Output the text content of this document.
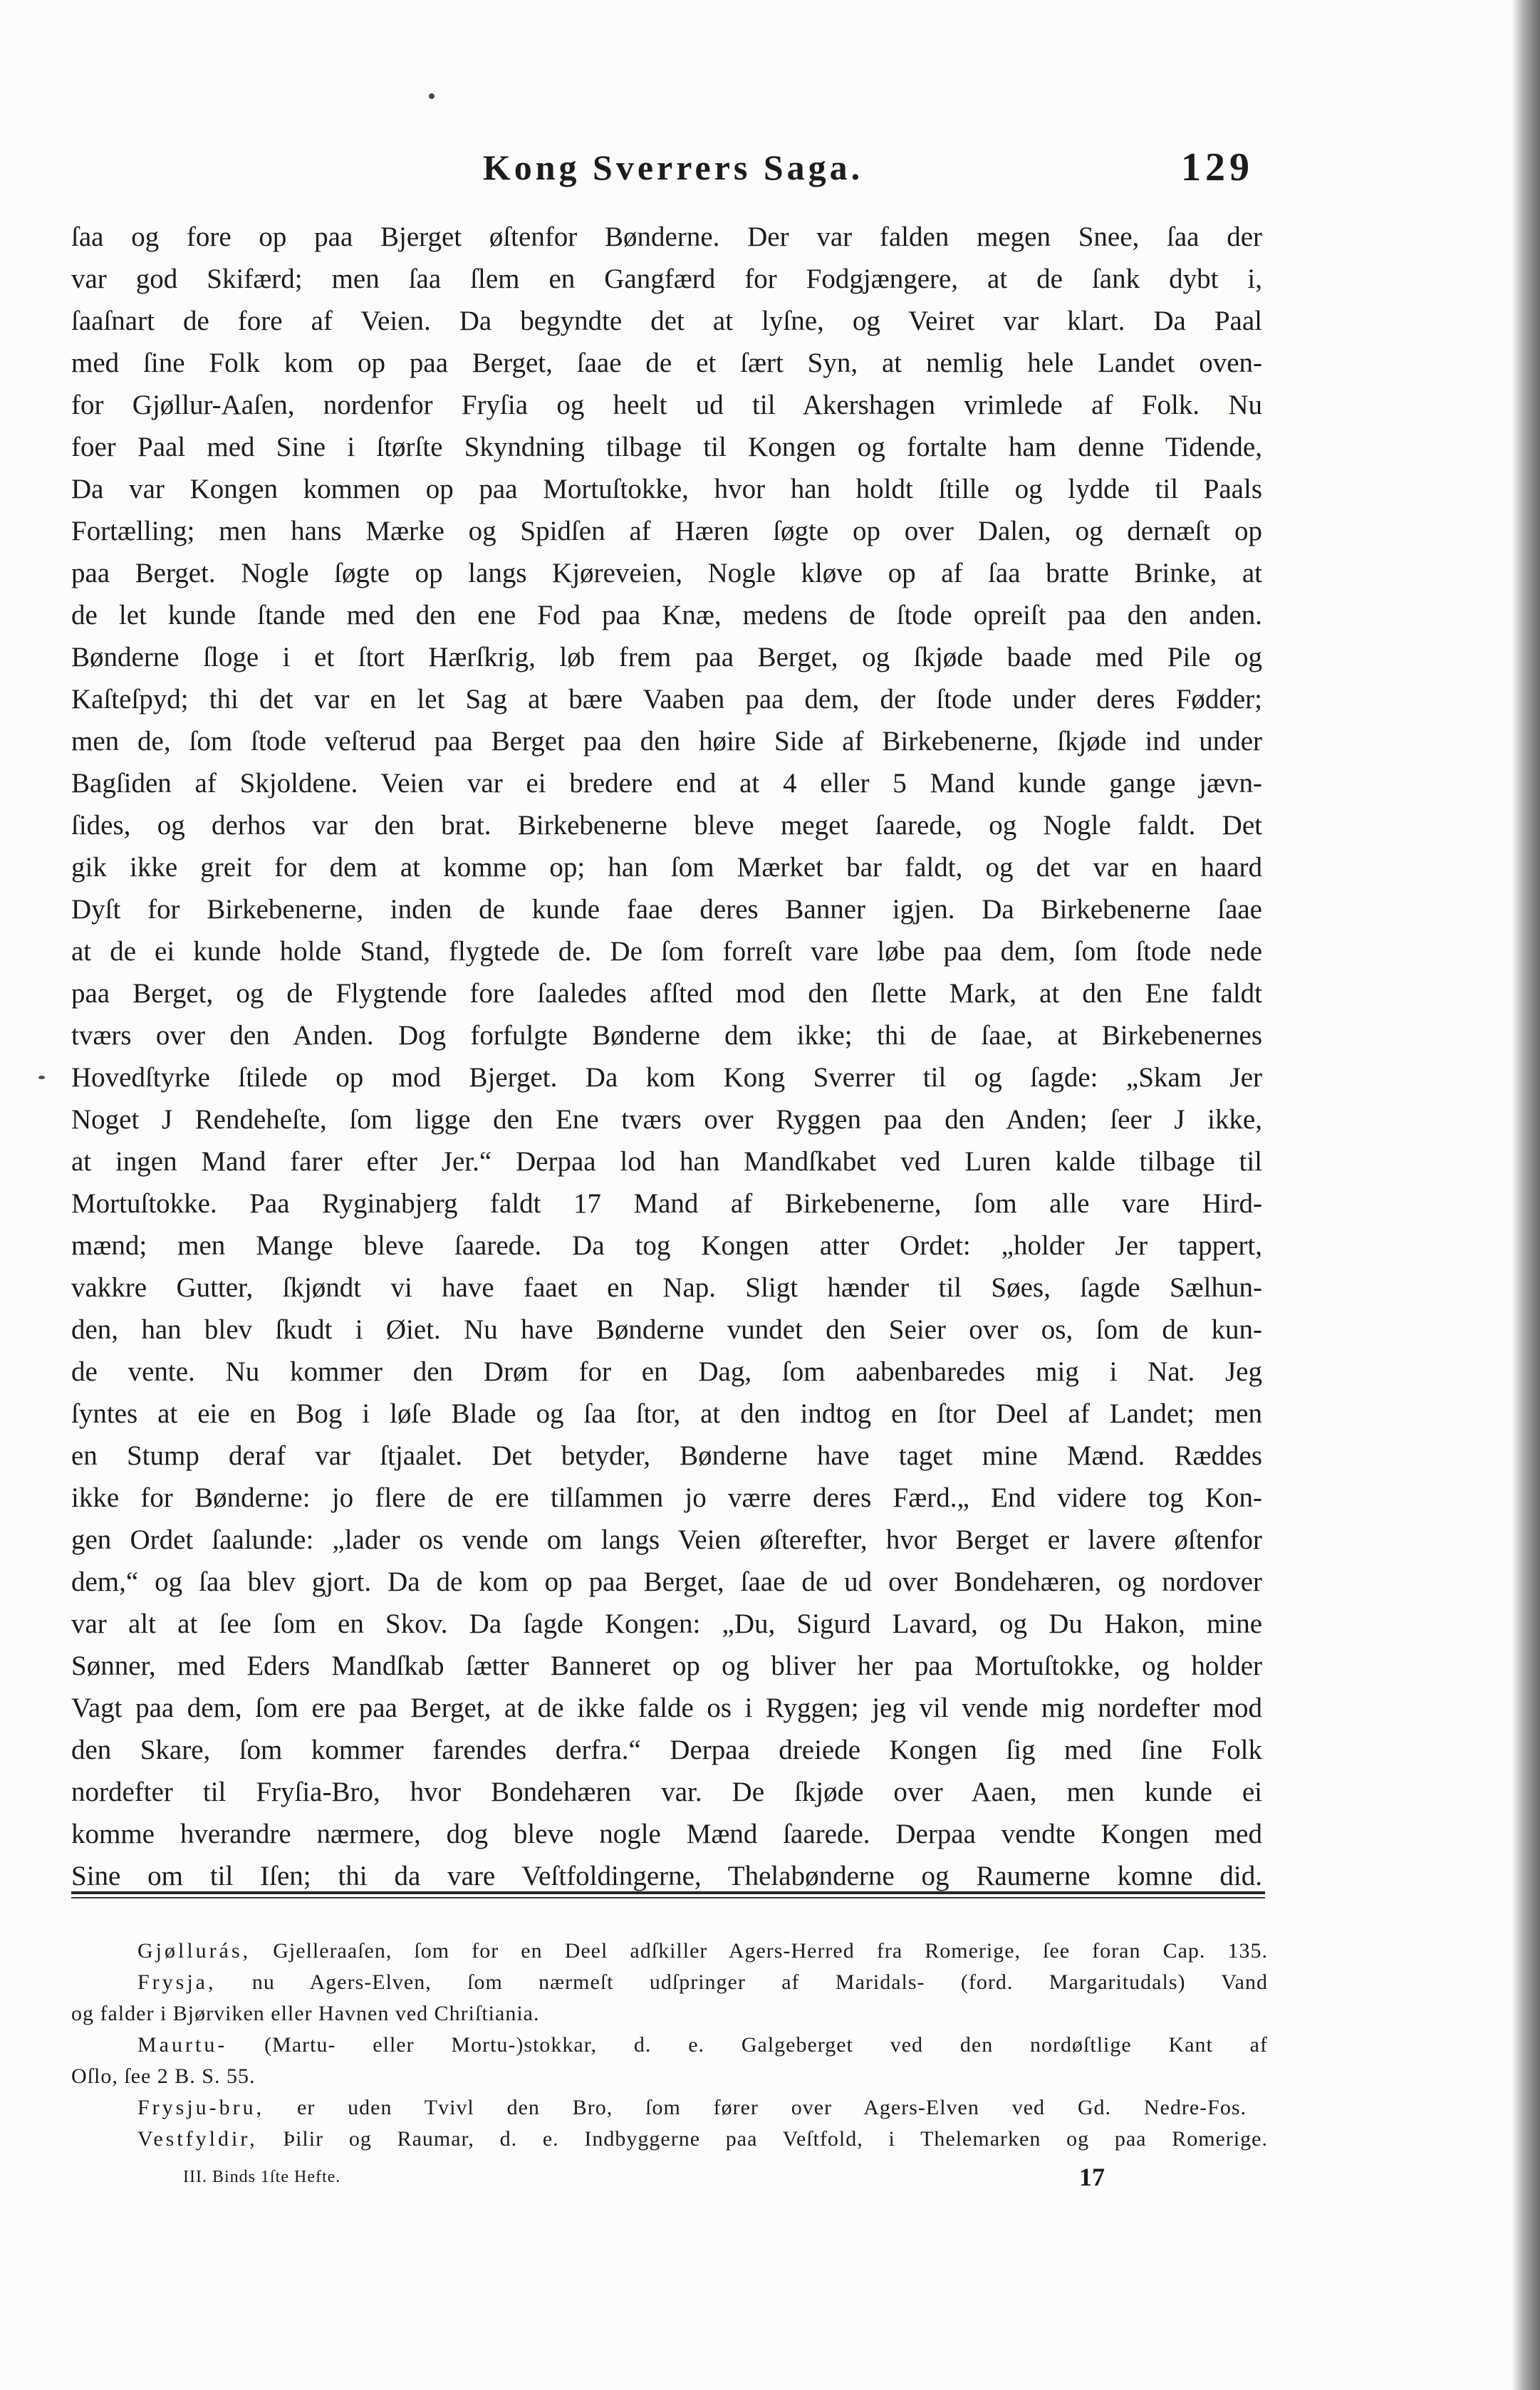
Kong Sverrers Saga.	129
ſaa og fore op paa Bjerget øſtenfor Bønderne. Der var falden megen Snee, ſaa der
var god Skifærd; men ſaa ſlem en Gangfærd for Fodgjængere, at de ſank dybt i,
ſaaſnart de fore af Veien. Da begyndte det at lyſne, og Veiret var klart. Da Paal
med ſine Folk kom op paa Berget, ſaae de et ſært Syn, at nemlig hele Landet oven-
for Gjøllur-Aaſen, nordenfor Fryſia og heelt ud til Akershagen vrimlede af Folk. Nu
foer Paal med Sine i ſtørſte Skyndning tilbage til Kongen og fortalte ham denne Tidende,
Da var Kongen kommen op paa Mortuſtokke, hvor han holdt ſtille og lydde til Paals
Fortælling; men hans Mærke og Spidſen af Hæren ſøgte op over Dalen, og dernæſt op
paa Berget. Nogle ſøgte op langs Kjøreveien, Nogle kløve op af ſaa bratte Brinke, at
de let kunde ſtande med den ene Fod paa Knæ, medens de ſtode opreiſt paa den anden.
Bønderne ſloge i et ſtort Hærſkrig, løb frem paa Berget, og ſkjøde baade med Pile og
Kaſteſpyd; thi det var en let Sag at bære Vaaben paa dem, der ſtode under deres Fødder;
men de, ſom ſtode veſterud paa Berget paa den høire Side af Birkebenerne, ſkjøde ind under
Bagſiden af Skjoldene. Veien var ei bredere end at 4 eller 5 Mand kunde gange jævn-
ſides, og derhos var den brat. Birkebenerne bleve meget ſaarede, og Nogle faldt. Det
gik ikke greit for dem at komme op; han ſom Mærket bar faldt, og det var en haard
Dyſt for Birkebenerne, inden de kunde faae deres Banner igjen. Da Birkebenerne ſaae
at de ei kunde holde Stand, flygtede de. De ſom forreſt vare løbe paa dem, ſom ſtode nede
paa Berget, og de Flygtende fore ſaaledes afſted mod den ſlette Mark, at den Ene faldt
tværs over den Anden. Dog forfulgte Bønderne dem ikke; thi de ſaae, at Birkebenernes
Hovedſtyrke ſtilede op mod Bjerget. Da kom Kong Sverrer til og ſagde: „Skam Jer
Noget J Rendeheſte, ſom ligge den Ene tværs over Ryggen paa den Anden; ſeer J ikke,
at ingen Mand farer efter Jer.“ Derpaa lod han Mandſkabet ved Luren kalde tilbage til
Mortuſtokke. Paa Ryginabjerg faldt 17 Mand af Birkebenerne, ſom alle vare Hird-
mænd; men Mange bleve ſaarede. Da tog Kongen atter Ordet: „holder Jer tappert,
vakkre Gutter, ſkjøndt vi have faaet en Nap. Sligt hænder til Søes, ſagde Sælhun-
den, han blev ſkudt i Øiet. Nu have Bønderne vundet den Seier over os, ſom de kun-
de vente. Nu kommer den Drøm for en Dag, ſom aabenbaredes mig i Nat. Jeg
ſyntes at eie en Bog i løſe Blade og ſaa ſtor, at den indtog en ſtor Deel af Landet; men
en Stump deraf var ſtjaalet. Det betyder, Bønderne have taget mine Mænd. Ræddes
ikke for Bønderne: jo flere de ere tilſammen jo værre deres Færd.„ End videre tog Kon-
gen Ordet ſaalunde: „lader os vende om langs Veien øſterefter, hvor Berget er lavere øſtenfor
dem,“ og ſaa blev gjort. Da de kom op paa Berget, ſaae de ud over Bondehæren, og nordover
var alt at ſee ſom en Skov. Da ſagde Kongen: „Du, Sigurd Lavard, og Du Hakon, mine
Sønner, med Eders Mandſkab ſætter Banneret op og bliver her paa Mortuſtokke, og holder
Vagt paa dem, ſom ere paa Berget, at de ikke falde os i Ryggen; jeg vil vende mig nordefter mod
den Skare, ſom kommer farendes derfra.“ Derpaa dreiede Kongen ſig med ſine Folk
nordefter til Fryſia-Bro, hvor Bondehæren var. De ſkjøde over Aaen, men kunde ei
komme hverandre nærmere, dog bleve nogle Mænd ſaarede. Derpaa vendte Kongen med
Sine om til Iſen; thi da vare Veſtfoldingerne, Thelabønderne og Raumerne komne did.
Gjøllurás, Gjelleraaſen, ſom for en Deel adſkiller Agers-Herred fra Romerige, ſee foran Cap. 135.
Frysja, nu Agers-Elven, ſom nærmeſt udſpringer af Maridals- (ford. Margaritudals) Vand
og falder i Bjørviken eller Havnen ved Chriſtiania.
Maurtu- (Martu- eller Mortu-)stokkar, d. e. Galgeberget ved den nordøſtlige Kant af
Oſlo, ſee 2 B. S. 55.
Frysju-bru, er uden Tvivl den Bro, ſom fører over Agers-Elven ved Gd. Nedre-Fos.
Vestfyldir, Þilir og Raumar, d. e. Indbyggerne paa Veſtfold, i Thelemarken og paa Romerige.
III. Binds 1ſte Hefte.	17
